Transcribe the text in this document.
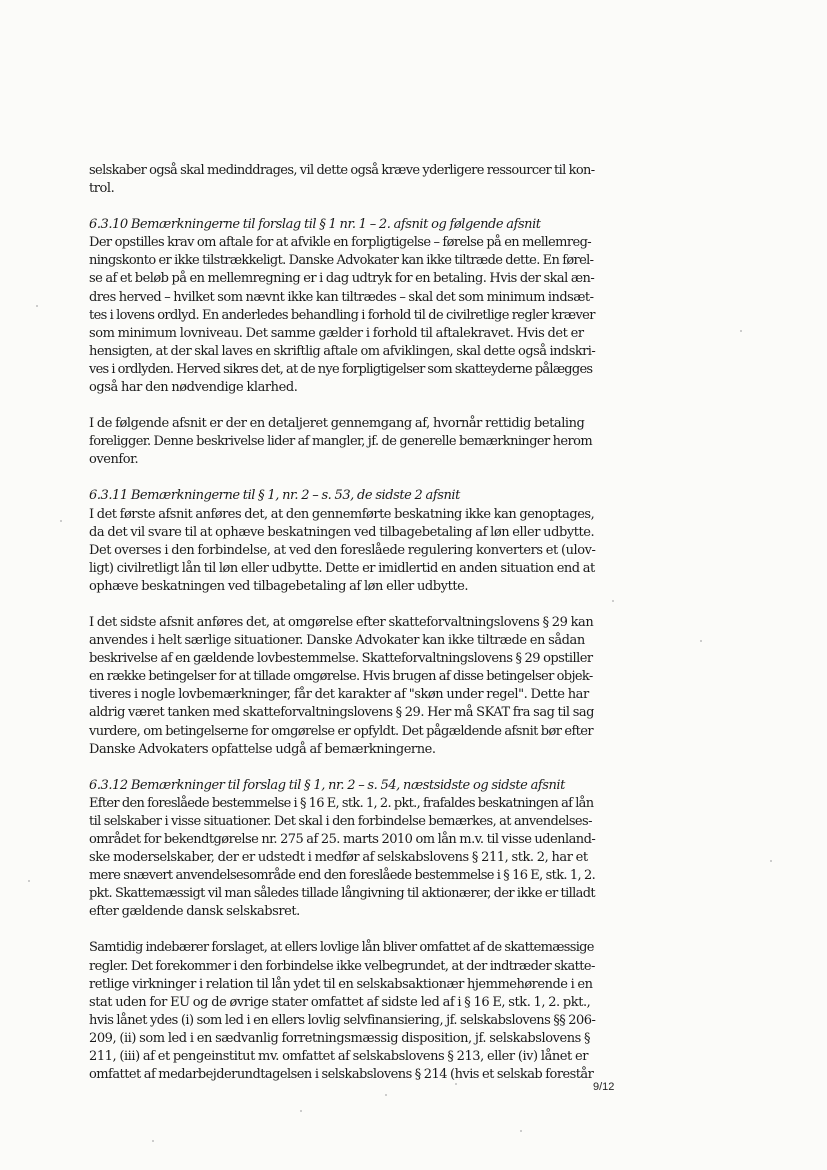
selskaber også skal medinddrages, vil dette også kræve yderligere ressourcer til kon-
trol.
6.3.10 Bemærkningerne til forslag til § 1 nr. 1 – 2. afsnit og følgende afsnit
Der opstilles krav om aftale for at afvikle en forpligtigelse – førelse på en mellemreg-
ningskonto er ikke tilstrækkeligt. Danske Advokater kan ikke tiltræde dette. En førel-
se af et beløb på en mellemregning er i dag udtryk for en betaling. Hvis der skal æn-
dres herved – hvilket som nævnt ikke kan tiltrædes – skal det som minimum indsæt-
tes i lovens ordlyd. En anderledes behandling i forhold til de civilretlige regler kræver
som minimum lovniveau. Det samme gælder i forhold til aftalekravet. Hvis det er
hensigten, at der skal laves en skriftlig aftale om afviklingen, skal dette også indskri-
ves i ordlyden. Herved sikres det, at de nye forpligtigelser som skatteyderne pålægges
også har den nødvendige klarhed.
I de følgende afsnit er der en detaljeret gennemgang af, hvornår rettidig betaling
foreligger. Denne beskrivelse lider af mangler, jf. de generelle bemærkninger herom
ovenfor.
6.3.11 Bemærkningerne til § 1, nr. 2 – s. 53, de sidste 2 afsnit
I det første afsnit anføres det, at den gennemførte beskatning ikke kan genoptages,
da det vil svare til at ophæve beskatningen ved tilbagebetaling af løn eller udbytte.
Det overses i den forbindelse, at ved den foreslåede regulering konverters et (ulov-
ligt) civilretligt lån til løn eller udbytte. Dette er imidlertid en anden situation end at
ophæve beskatningen ved tilbagebetaling af løn eller udbytte.
I det sidste afsnit anføres det, at omgørelse efter skatteforvaltningslovens § 29 kan
anvendes i helt særlige situationer. Danske Advokater kan ikke tiltræde en sådan
beskrivelse af en gældende lovbestemmelse. Skatteforvaltningslovens § 29 opstiller
en række betingelser for at tillade omgørelse. Hvis brugen af disse betingelser objek-
tiveres i nogle lovbemærkninger, får det karakter af "skøn under regel". Dette har
aldrig været tanken med skatteforvaltningslovens § 29. Her må SKAT fra sag til sag
vurdere, om betingelserne for omgørelse er opfyldt. Det pågældende afsnit bør efter
Danske Advokaters opfattelse udgå af bemærkningerne.
6.3.12 Bemærkninger til forslag til § 1, nr. 2 – s. 54, næstsidste og sidste afsnit
Efter den foreslåede bestemmelse i § 16 E, stk. 1, 2. pkt., frafaldes beskatningen af lån
til selskaber i visse situationer. Det skal i den forbindelse bemærkes, at anvendelses-
området for bekendtgørelse nr. 275 af 25. marts 2010 om lån m.v. til visse udenland-
ske moderselskaber, der er udstedt i medfør af selskabslovens § 211, stk. 2, har et
mere snævert anvendelsesområde end den foreslåede bestemmelse i § 16 E, stk. 1, 2.
pkt. Skattemæssigt vil man således tillade långivning til aktionærer, der ikke er tilladt
efter gældende dansk selskabsret.
Samtidig indebærer forslaget, at ellers lovlige lån bliver omfattet af de skattemæssige
regler. Det forekommer i den forbindelse ikke velbegrundet, at der indtræder skatte-
retlige virkninger i relation til lån ydet til en selskabsaktionær hjemmehørende i en
stat uden for EU og de øvrige stater omfattet af sidste led af i § 16 E, stk. 1, 2. pkt.,
hvis lånet ydes (i) som led i en ellers lovlig selvfinansiering, jf. selskabslovens §§ 206-
209, (ii) som led i en sædvanlig forretningsmæssig disposition, jf. selskabslovens §
211, (iii) af et pengeinstitut mv. omfattet af selskabslovens § 213, eller (iv) lånet er
omfattet af medarbejderundtagelsen i selskabslovens § 214 (hvis et selskab forestår
9/12
